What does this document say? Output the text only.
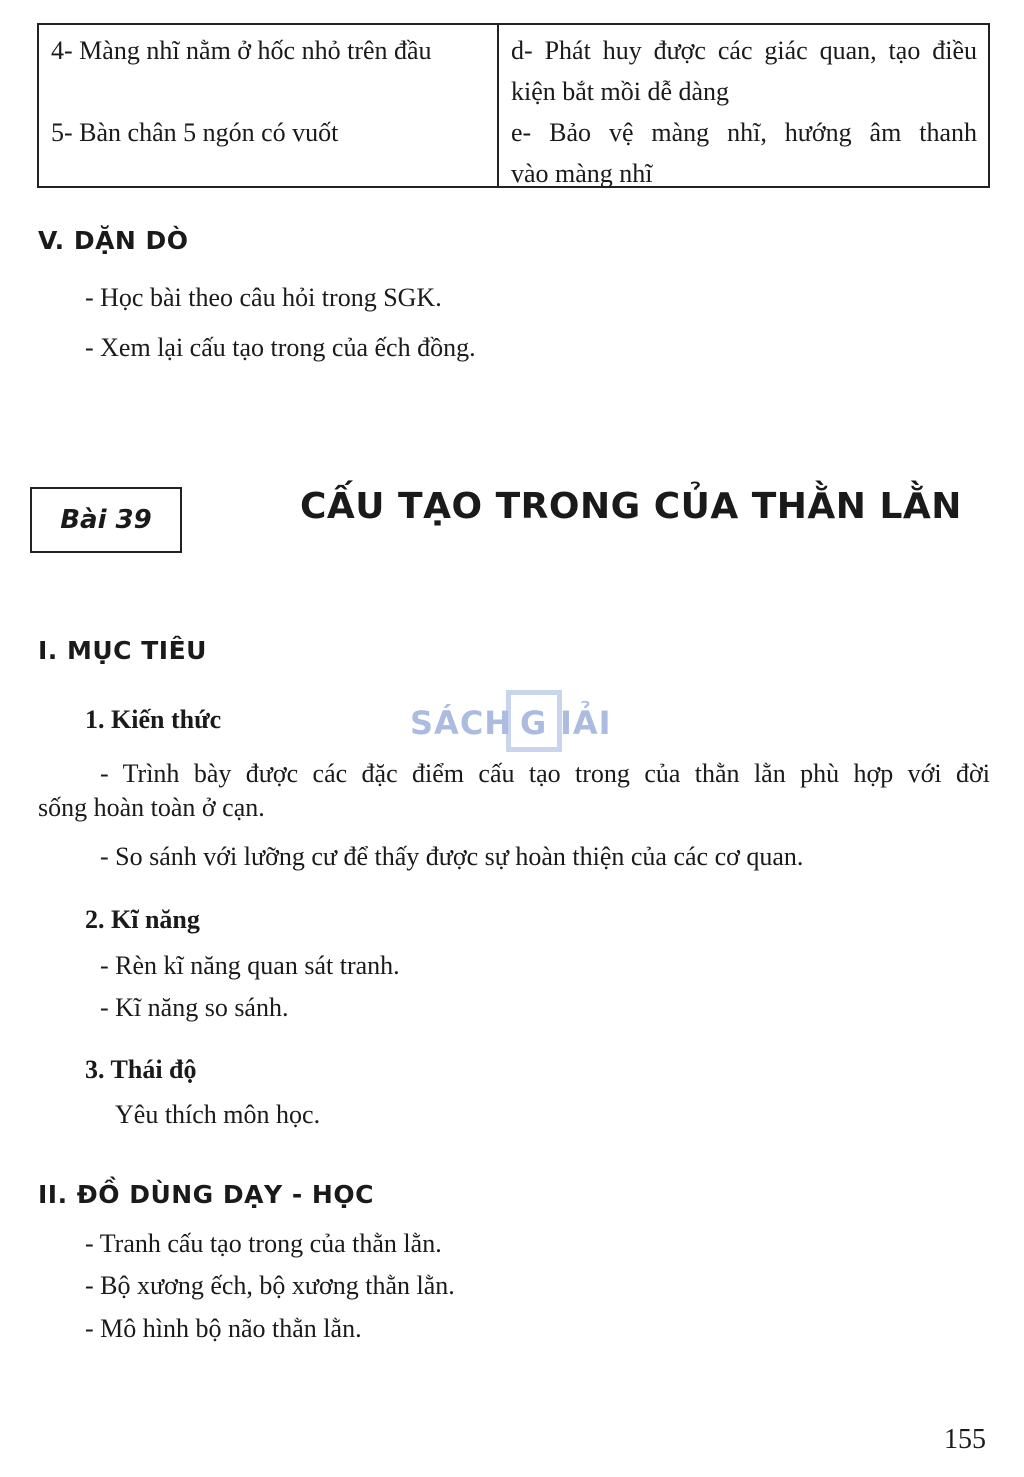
4- Màng nhĩ nằm ở hốc nhỏ trên đầu
5- Bàn chân 5 ngón có vuốt
d- Phát huy được các giác quan, tạo điều
kiện bắt mồi dễ dàng
e- Bảo vệ màng nhĩ, hướng âm thanh
vào màng nhĩ
V. DẶN DÒ
- Học bài theo câu hỏi trong SGK.
- Xem lại cấu tạo trong của ếch đồng.
Bài 39	CẤU TẠO TRONG CỦA THẰN LẰN
I. MỤC TIÊU
1. Kiến thức
- Trình bày được các đặc điểm cấu tạo trong của thằn lằn phù hợp với đời
sống hoàn toàn ở cạn.
- So sánh với lưỡng cư để thấy được sự hoàn thiện của các cơ quan.
2. Kĩ năng
- Rèn kĩ năng quan sát tranh.
- Kĩ năng so sánh.
3. Thái độ
Yêu thích môn học.
II. ĐỒ DÙNG DẠY - HỌC
- Tranh cấu tạo trong của thằn lằn.
- Bộ xương ếch, bộ xương thằn lằn.
- Mô hình bộ não thằn lằn.
SÁCH G IẢI
155
